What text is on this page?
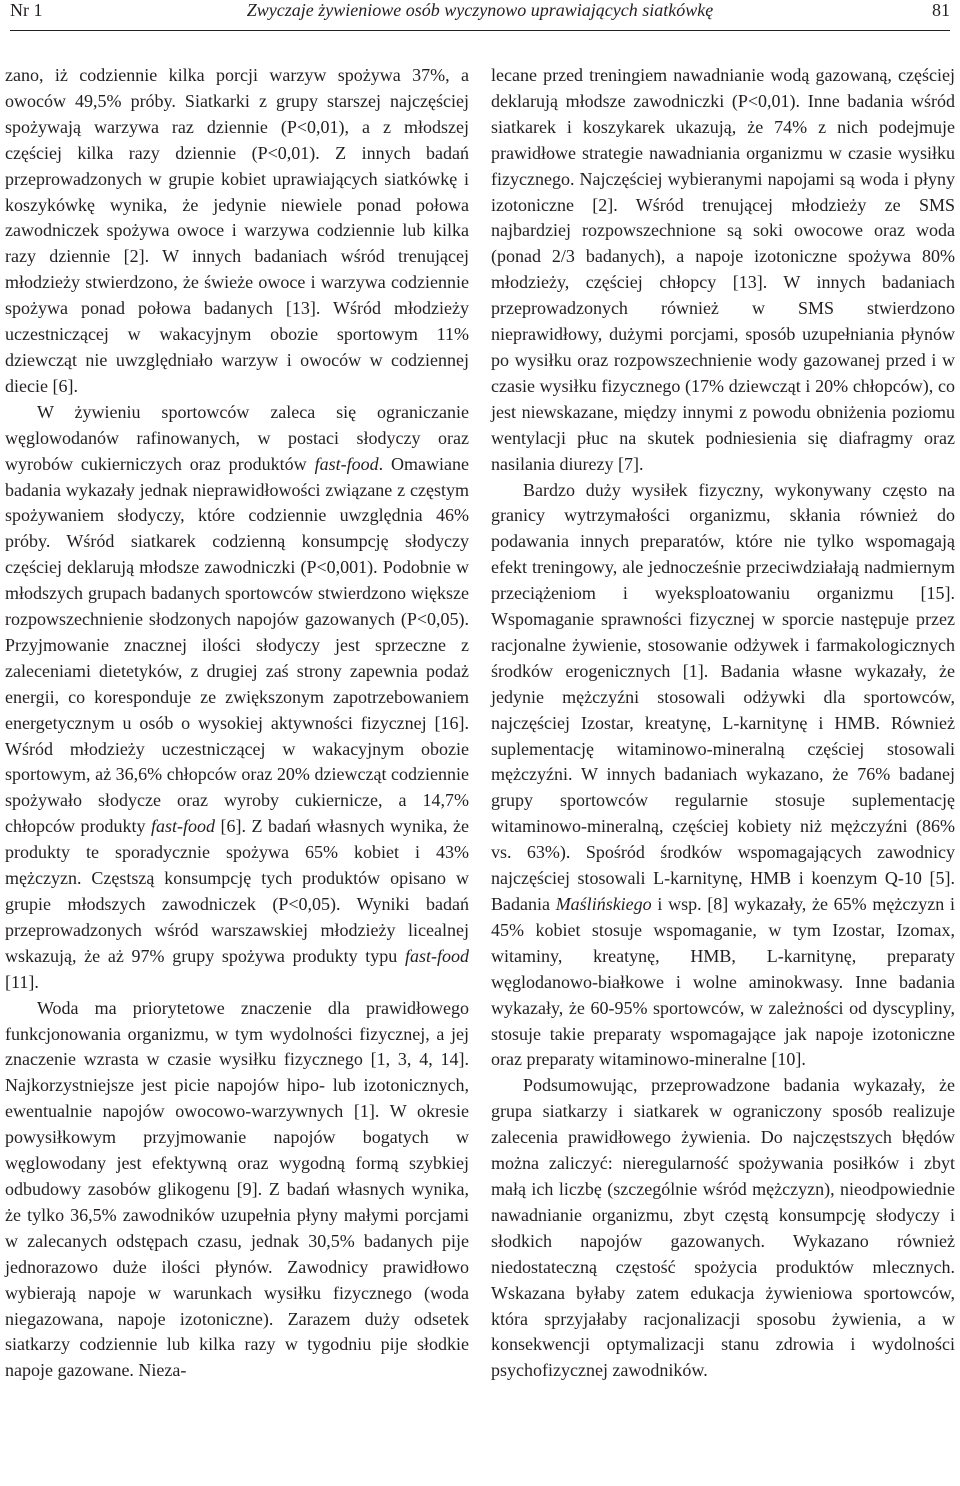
Nr 1	Zwyczaje żywieniowe osób wyczynowo uprawiających siatkówkę	81

zano, iż codziennie kilka porcji warzyw spożywa 37%, a owoców 49,5% próby. Siatkarki z grupy starszej najczęściej spożywają warzywa raz dziennie (P<0,01), a z młodszej częściej kilka razy dziennie (P<0,01). Z innych badań przeprowadzonych w grupie kobiet uprawiających siatkówkę i koszykówkę wynika, że jedynie niewiele ponad połowa zawodniczek spożywa owoce i warzywa codziennie lub kilka razy dziennie [2]. W innych badaniach wśród trenującej młodzieży stwierdzono, że świeże owoce i warzywa codziennie spożywa ponad połowa badanych [13]. Wśród młodzieży uczestniczącej w wakacyjnym obozie sportowym 11% dziewcząt nie uwzględniało warzyw i owoców w codziennej diecie [6].

W żywieniu sportowców zaleca się ograniczanie węglowodanów rafinowanych, w postaci słodyczy oraz wyrobów cukierniczych oraz produktów fast-food. Omawiane badania wykazały jednak nieprawidłowości związane z częstym spożywaniem słodyczy, które codziennie uwzględnia 46% próby. Wśród siatkarek codzienną konsumpcję słodyczy częściej deklarują młodsze zawodniczki (P<0,001). Podobnie w młodszych grupach badanych sportowców stwierdzono większe rozpowszechnienie słodzonych napojów gazowanych (P<0,05). Przyjmowanie znacznej ilości słodyczy jest sprzeczne z zaleceniami dietetyków, z drugiej zaś strony zapewnia podaż energii, co koresponduje ze zwiększonym zapotrzebowaniem energetycznym u osób o wysokiej aktywności fizycznej [16]. Wśród młodzieży uczestniczącej w wakacyjnym obozie sportowym, aż 36,6% chłopców oraz 20% dziewcząt codziennie spożywało słodycze oraz wyroby cukiernicze, a 14,7% chłopców produkty fast-food [6]. Z badań własnych wynika, że produkty te sporadycznie spożywa 65% kobiet i 43% mężczyzn. Częstszą konsumpcję tych produktów opisano w grupie młodszych zawodniczek (P<0,05). Wyniki badań przeprowadzonych wśród warszawskiej młodzieży licealnej wskazują, że aż 97% grupy spożywa produkty typu fast-food [11].

Woda ma priorytetowe znaczenie dla prawidłowego funkcjonowania organizmu, w tym wydolności fizycznej, a jej znaczenie wzrasta w czasie wysiłku fizycznego [1, 3, 4, 14]. Najkorzystniejsze jest picie napojów hipo- lub izotonicznych, ewentualnie napojów owocowo-warzywnych [1]. W okresie powysiłkowym przyjmowanie napojów bogatych w węglowodany jest efektywną oraz wygodną formą szybkiej odbudowy zasobów glikogenu [9]. Z badań własnych wynika, że tylko 36,5% zawodników uzupełnia płyny małymi porcjami w zalecanych odstępach czasu, jednak 30,5% badanych pije jednorazowo duże ilości płynów. Zawodnicy prawidłowo wybierają napoje w warunkach wysiłku fizycznego (woda niegazowana, napoje izotoniczne). Zarazem duży odsetek siatkarzy codziennie lub kilka razy w tygodniu pije słodkie napoje gazowane. Nieza-

lecane przed treningiem nawadnianie wodą gazowaną, częściej deklarują młodsze zawodniczki (P<0,01). Inne badania wśród siatkarek i koszykarek ukazują, że 74% z nich podejmuje prawidłowe strategie nawadniania organizmu w czasie wysiłku fizycznego. Najczęściej wybieranymi napojami są woda i płyny izotoniczne [2]. Wśród trenującej młodzieży ze SMS najbardziej rozpowszechnione są soki owocowe oraz woda (ponad 2/3 badanych), a napoje izotoniczne spożywa 80% młodzieży, częściej chłopcy [13]. W innych badaniach przeprowadzonych również w SMS stwierdzono nieprawidłowy, dużymi porcjami, sposób uzupełniania płynów po wysiłku oraz rozpowszechnienie wody gazowanej przed i w czasie wysiłku fizycznego (17% dziewcząt i 20% chłopców), co jest niewskazane, między innymi z powodu obniżenia poziomu wentylacji płuc na skutek podniesienia się diafragmy oraz nasilania diurezy [7].

Bardzo duży wysiłek fizyczny, wykonywany często na granicy wytrzymałości organizmu, skłania również do podawania innych preparatów, które nie tylko wspomagają efekt treningowy, ale jednocześnie przeciwdziałają nadmiernym przeciążeniom i wyeksploatowaniu organizmu [15]. Wspomaganie sprawności fizycznej w sporcie następuje przez racjonalne żywienie, stosowanie odżywek i farmakologicznych środków erogenicznych [1]. Badania własne wykazały, że jedynie mężczyźni stosowali odżywki dla sportowców, najczęściej Izostar, kreatynę, L-karnitynę i HMB. Również suplementację witaminowo-mineralną częściej stosowali mężczyźni. W innych badaniach wykazano, że 76% badanej grupy sportowców regularnie stosuje suplementację witaminowo-mineralną, częściej kobiety niż mężczyźni (86% vs. 63%). Spośród środków wspomagających zawodnicy najczęściej stosowali L-karnitynę, HMB i koenzym Q-10 [5]. Badania Maślińskiego i wsp. [8] wykazały, że 65% mężczyzn i 45% kobiet stosuje wspomaganie, w tym Izostar, Izomax, witaminy, kreatynę, HMB, L-karnitynę, preparaty węglodanowo-białkowe i wolne aminokwasy. Inne badania wykazały, że 60-95% sportowców, w zależności od dyscypliny, stosuje takie preparaty wspomagające jak napoje izotoniczne oraz preparaty witaminowo-mineralne [10].

Podsumowując, przeprowadzone badania wykazały, że grupa siatkarzy i siatkarek w ograniczony sposób realizuje zalecenia prawidłowego żywienia. Do najczęstszych błędów można zaliczyć: nieregularność spożywania posiłków i zbyt małą ich liczbę (szczególnie wśród mężczyzn), nieodpowiednie nawadnianie organizmu, zbyt częstą konsumpcję słodyczy i słodkich napojów gazowanych. Wykazano również niedostateczną częstość spożycia produktów mlecznych. Wskazana byłaby zatem edukacja żywieniowa sportowców, która sprzyjałaby racjonalizacji sposobu żywienia, a w konsekwencji optymalizacji stanu zdrowia i wydolności psychofizycznej zawodników.
